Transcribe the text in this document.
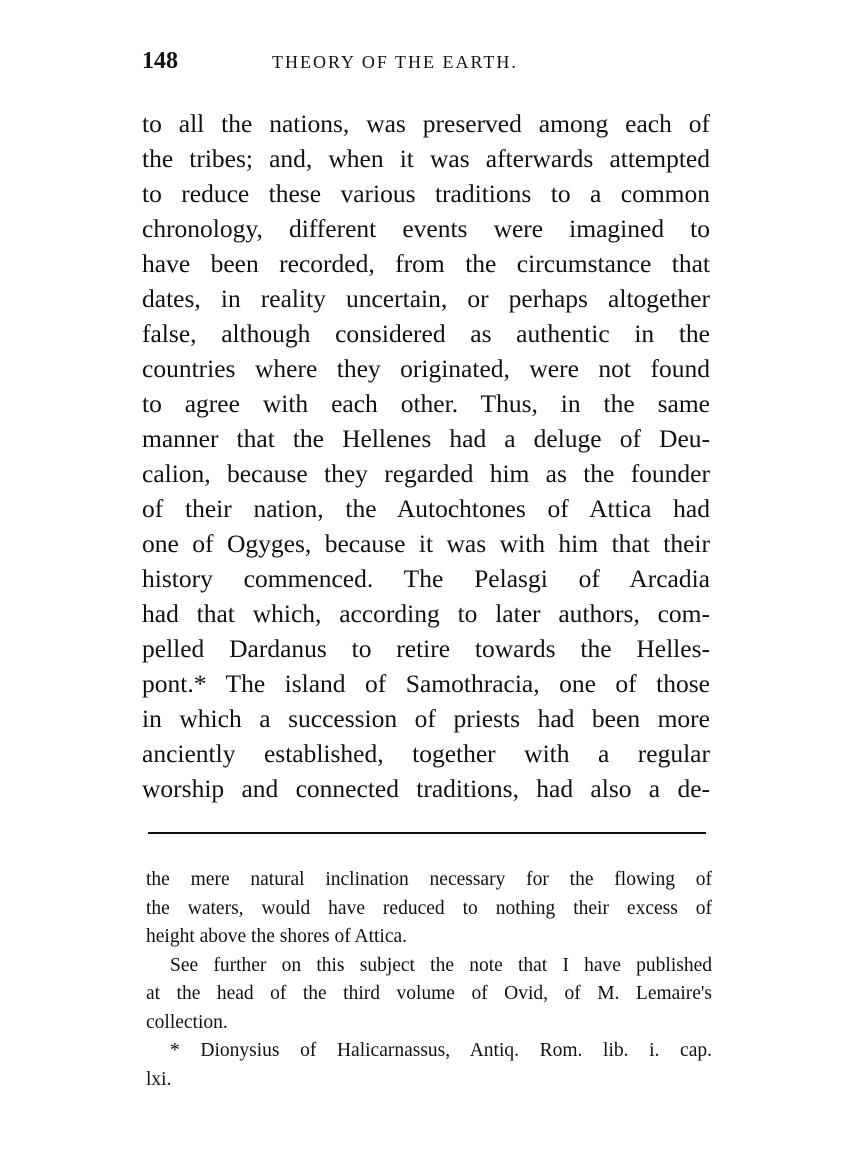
148	THEORY OF THE EARTH.
to all the nations, was preserved among each of
the tribes; and, when it was afterwards attempted
to reduce these various traditions to a common
chronology, different events were imagined to
have been recorded, from the circumstance that
dates, in reality uncertain, or perhaps altogether
false, although considered as authentic in the
countries where they originated, were not found
to agree with each other. Thus, in the same
manner that the Hellenes had a deluge of Deu-
calion, because they regarded him as the founder
of their nation, the Autochtones of Attica had
one of Ogyges, because it was with him that their
history commenced. The Pelasgi of Arcadia
had that which, according to later authors, com-
pelled Dardanus to retire towards the Helles-
pont.* The island of Samothracia, one of those
in which a succession of priests had been more
anciently established, together with a regular
worship and connected traditions, had also a de-
the mere natural inclination necessary for the flowing of
the waters, would have reduced to nothing their excess of
height above the shores of Attica.
See further on this subject the note that I have published
at the head of the third volume of Ovid, of M. Lemaire's
collection.
* Dionysius of Halicarnassus, Antiq. Rom. lib. i. cap.
lxi.
